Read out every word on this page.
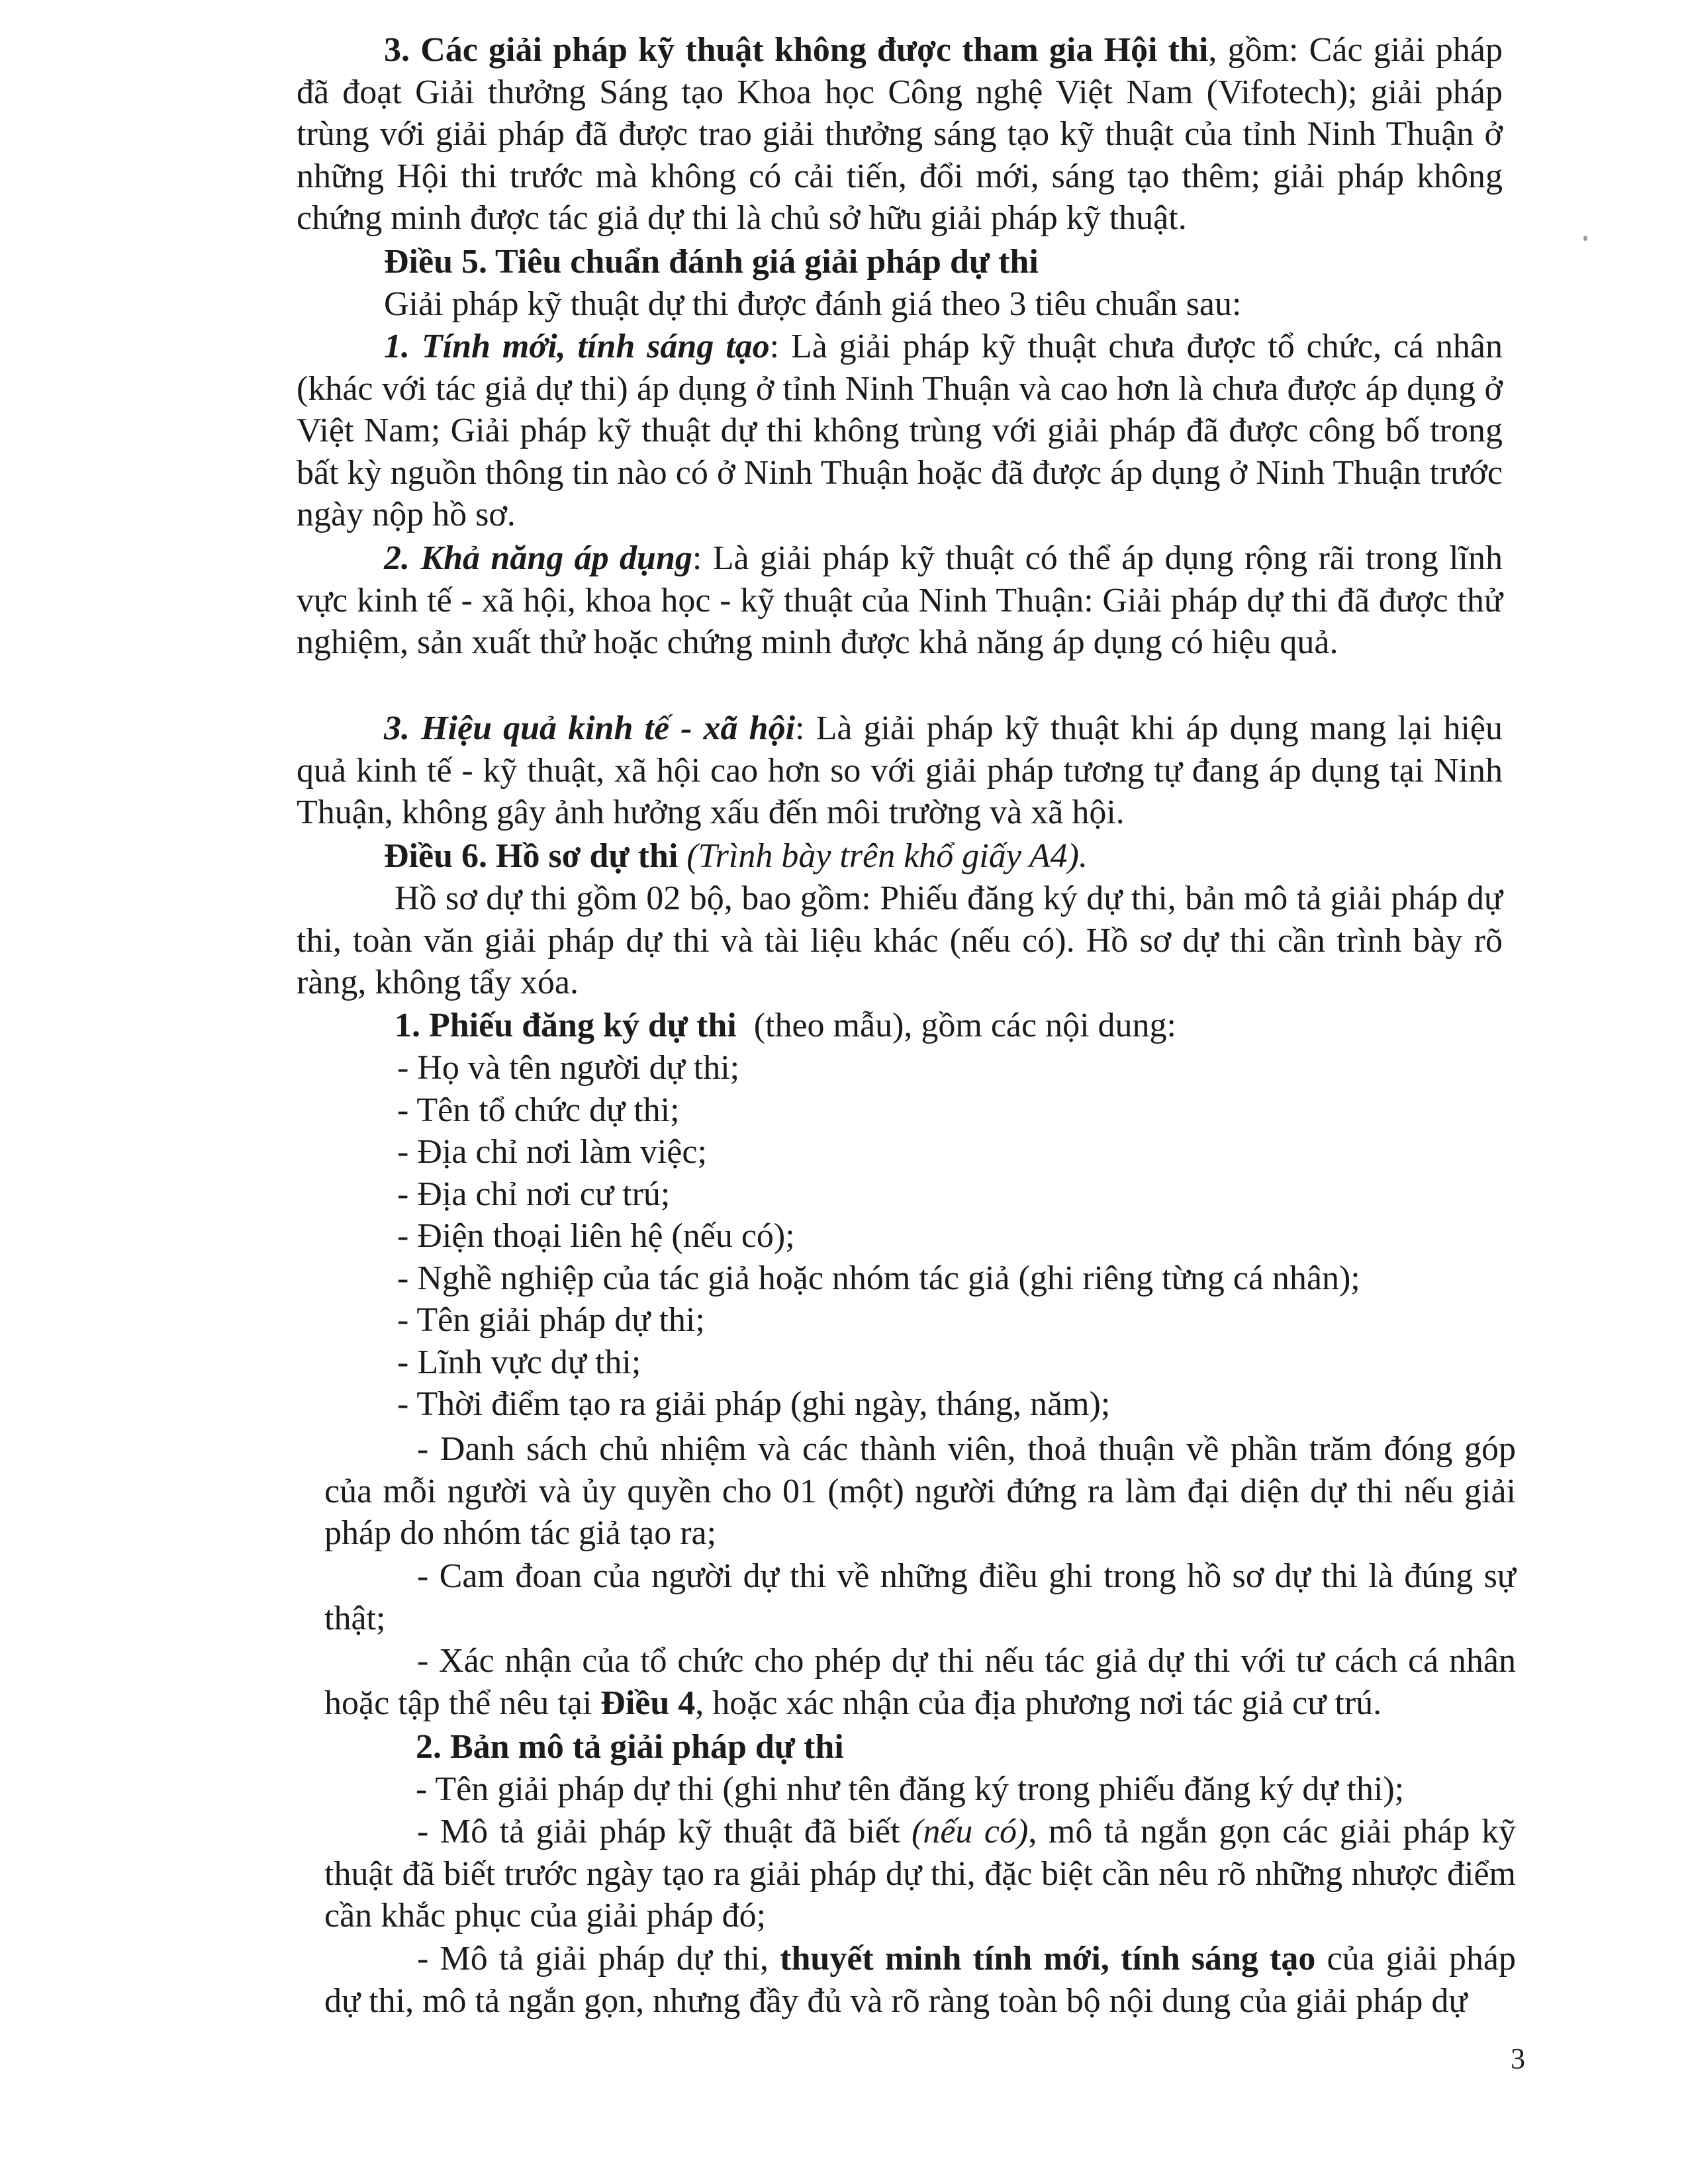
3. Các giải pháp kỹ thuật không được tham gia Hội thi, gồm: Các giải pháp đã đoạt Giải thưởng Sáng tạo Khoa học Công nghệ Việt Nam (Vifotech); giải pháp trùng với giải pháp đã được trao giải thưởng sáng tạo kỹ thuật của tỉnh Ninh Thuận ở những Hội thi trước mà không có cải tiến, đổi mới, sáng tạo thêm; giải pháp không chứng minh được tác giả dự thi là chủ sở hữu giải pháp kỹ thuật.

Điều 5. Tiêu chuẩn đánh giá giải pháp dự thi

Giải pháp kỹ thuật dự thi được đánh giá theo 3 tiêu chuẩn sau:

1. Tính mới, tính sáng tạo: Là giải pháp kỹ thuật chưa được tổ chức, cá nhân (khác với tác giả dự thi) áp dụng ở tỉnh Ninh Thuận và cao hơn là chưa được áp dụng ở Việt Nam; Giải pháp kỹ thuật dự thi không trùng với giải pháp đã được công bố trong bất kỳ nguồn thông tin nào có ở Ninh Thuận hoặc đã được áp dụng ở Ninh Thuận trước ngày nộp hồ sơ.

2. Khả năng áp dụng: Là giải pháp kỹ thuật có thể áp dụng rộng rãi trong lĩnh vực kinh tế - xã hội, khoa học - kỹ thuật của Ninh Thuận: Giải pháp dự thi đã được thử nghiệm, sản xuất thử hoặc chứng minh được khả năng áp dụng có hiệu quả.

3. Hiệu quả kinh tế - xã hội: Là giải pháp kỹ thuật khi áp dụng mang lại hiệu quả kinh tế - kỹ thuật, xã hội cao hơn so với giải pháp tương tự đang áp dụng tại Ninh Thuận, không gây ảnh hưởng xấu đến môi trường và xã hội.

Điều 6. Hồ sơ dự thi (Trình bày trên khổ giấy A4).

Hồ sơ dự thi gồm 02 bộ, bao gồm: Phiếu đăng ký dự thi, bản mô tả giải pháp dự thi, toàn văn giải pháp dự thi và tài liệu khác (nếu có). Hồ sơ dự thi cần trình bày rõ ràng, không tẩy xóa.

1. Phiếu đăng ký dự thi  (theo mẫu), gồm các nội dung:

- Họ và tên người dự thi;
- Tên tổ chức dự thi;
- Địa chỉ nơi làm việc;
- Địa chỉ nơi cư trú;
- Điện thoại liên hệ (nếu có);
- Nghề nghiệp của tác giả hoặc nhóm tác giả (ghi riêng từng cá nhân);
- Tên giải pháp dự thi;
- Lĩnh vực dự thi;
- Thời điểm tạo ra giải pháp (ghi ngày, tháng, năm);

- Danh sách chủ nhiệm và các thành viên, thoả thuận về phần trăm đóng góp của mỗi người và ủy quyền cho 01 (một) người đứng ra làm đại diện dự thi nếu giải pháp do nhóm tác giả tạo ra;

- Cam đoan của người dự thi về những điều ghi trong hồ sơ dự thi là đúng sự thật;

- Xác nhận của tổ chức cho phép dự thi nếu tác giả dự thi với tư cách cá nhân hoặc tập thể nêu tại Điều 4, hoặc xác nhận của địa phương nơi tác giả cư trú.

2. Bản mô tả giải pháp dự thi

- Tên giải pháp dự thi (ghi như tên đăng ký trong phiếu đăng ký dự thi);

- Mô tả giải pháp kỹ thuật đã biết (nếu có), mô tả ngắn gọn các giải pháp kỹ thuật đã biết trước ngày tạo ra giải pháp dự thi, đặc biệt cần nêu rõ những nhược điểm cần khắc phục của giải pháp đó;

- Mô tả giải pháp dự thi, thuyết minh tính mới, tính sáng tạo của giải pháp dự thi, mô tả ngắn gọn, nhưng đầy đủ và rõ ràng toàn bộ nội dung của giải pháp dự

3
